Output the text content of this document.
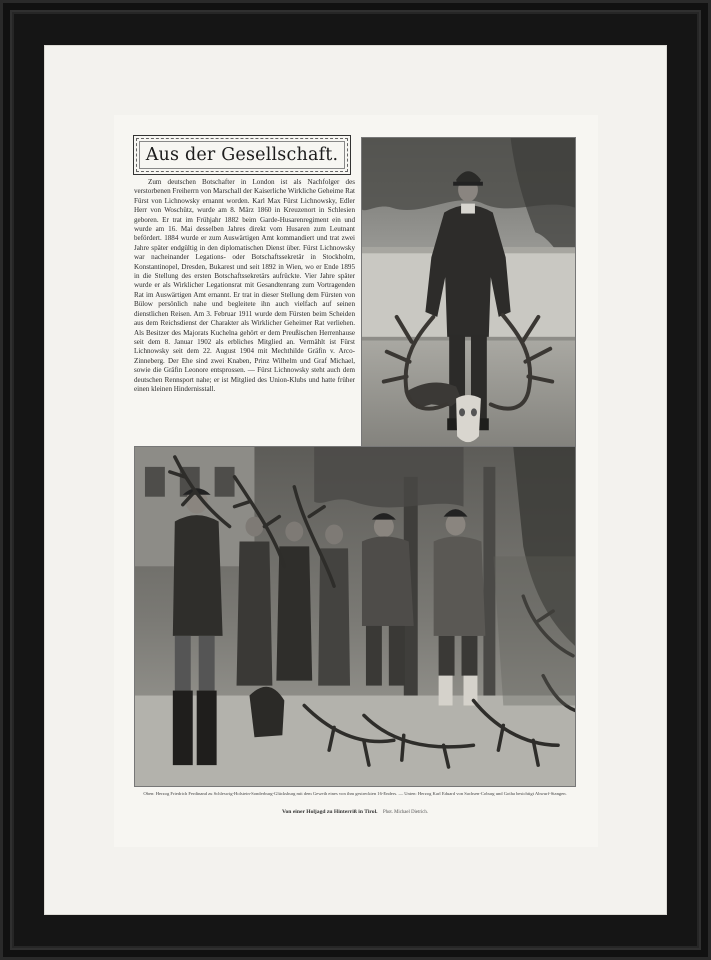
Aus der Gesellschaft.

Zum deutschen Botschafter in London ist als Nachfolger des verstorbenen Freiherrn von Marschall der Kaiserliche Wirkliche Geheime Rat Fürst von Lichnowsky ernannt worden. Karl Max Fürst Lichnowsky, Edler Herr von Woschütz, wurde am 8. März 1860 in Kreuzenort in Schlesien geboren. Er trat im Frühjahr 1882 beim Garde-Husarenregiment ein und wurde am 16. Mai desselben Jahres direkt vom Husaren zum Leutnant befördert. 1884 wurde er zum Auswärtigen Amt kommandiert und trat zwei Jahre später endgültig in den diplomatischen Dienst über. Fürst Lichnowsky war nacheinander Legations- oder Botschaftssekretär in Stockholm, Konstantinopel, Dresden, Bukarest und seit 1892 in Wien, wo er Ende 1895 in die Stellung des ersten Botschaftssekretärs aufrückte. Vier Jahre später wurde er als Wirklicher Legationsrat mit Gesandtenrang zum Vortragenden Rat im Auswärtigen Amt ernannt. Er trat in dieser Stellung dem Fürsten von Bülow persönlich nahe und begleitete ihn auch vielfach auf seinen dienstlichen Reisen. Am 3. Februar 1911 wurde dem Fürsten beim Scheiden aus dem Reichsdienst der Charakter als Wirklicher Geheimer Rat verliehen. Als Besitzer des Majorats Kuchelna gehört er dem Preußischen Herrenhause seit dem 8. Januar 1902 als erbliches Mitglied an. Vermählt ist Fürst Lichnowsky seit dem 22. August 1904 mit Mechthilde Gräfin v. Arco-Zinneberg. Der Ehe sind zwei Knaben, Prinz Wilhelm und Graf Michael, sowie die Gräfin Leonore entsprossen. — Fürst Lichnowsky steht auch dem deutschen Rennsport nahe; er ist Mitglied des Union-Klubs und hatte früher einen kleinen Hindernisstall.

Oben: Herzog Friedrich Ferdinand zu Schleswig-Holstein-Sonderburg-Glücksburg mit dem Geweih eines von ihm gestreckten 16-Enders. — Unten: Herzog Karl Eduard von Sachsen-Coburg und Gotha besichtigt Abwurf-Stangen.
Von einer Holjagd zu Hinterriß in Tirol. Phot. Michael Dietrich.
